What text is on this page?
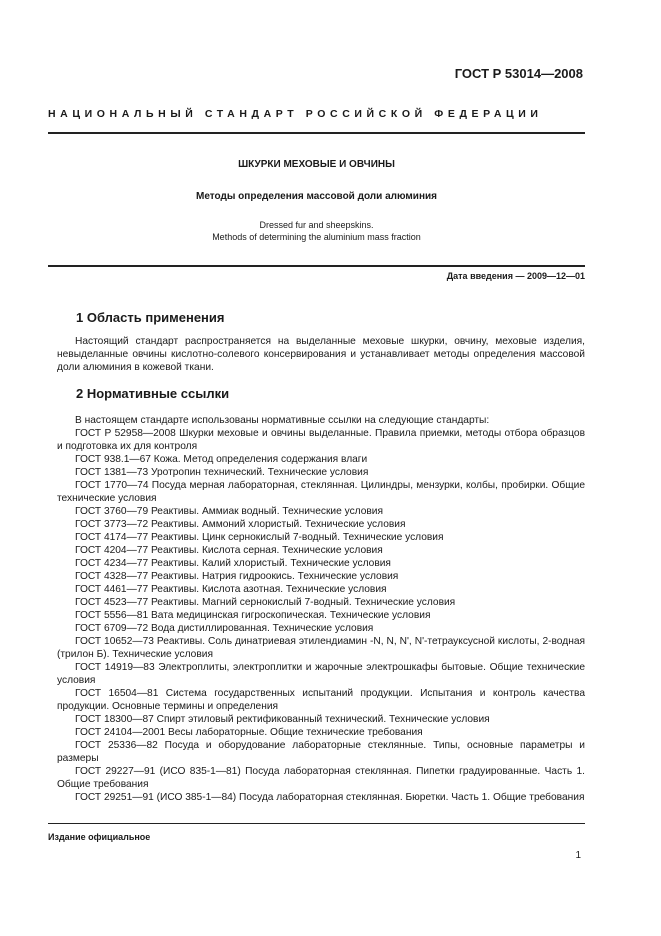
ГОСТ Р 53014—2008
НАЦИОНАЛЬНЫЙ СТАНДАРТ РОССИЙСКОЙ ФЕДЕРАЦИИ
ШКУРКИ МЕХОВЫЕ И ОВЧИНЫ
Методы определения массовой доли алюминия
Dressed fur and sheepskins.
Methods of determining the aluminium mass fraction
Дата введения — 2009—12—01
1 Область применения
Настоящий стандарт распространяется на выделанные меховые шкурки, овчину, меховые изделия, невыделанные овчины кислотно-солевого консервирования и устанавливает методы определения массовой доли алюминия в кожевой ткани.
2 Нормативные ссылки
В настоящем стандарте использованы нормативные ссылки на следующие стандарты:
ГОСТ Р 52958—2008 Шкурки меховые и овчины выделанные. Правила приемки, методы отбора образцов и подготовка их для контроля
ГОСТ 938.1—67 Кожа. Метод определения содержания влаги
ГОСТ 1381—73 Уротропин технический. Технические условия
ГОСТ 1770—74 Посуда мерная лабораторная, стеклянная. Цилиндры, мензурки, колбы, пробирки. Общие технические условия
ГОСТ 3760—79 Реактивы. Аммиак водный. Технические условия
ГОСТ 3773—72 Реактивы. Аммоний хлористый. Технические условия
ГОСТ 4174—77 Реактивы. Цинк сернокислый 7-водный. Технические условия
ГОСТ 4204—77 Реактивы. Кислота серная. Технические условия
ГОСТ 4234—77 Реактивы. Калий хлористый. Технические условия
ГОСТ 4328—77 Реактивы. Натрия гидроокись. Технические условия
ГОСТ 4461—77 Реактивы. Кислота азотная. Технические условия
ГОСТ 4523—77 Реактивы. Магний сернокислый 7-водный. Технические условия
ГОСТ 5556—81 Вата медицинская гигроскопическая. Технические условия
ГОСТ 6709—72 Вода дистиллированная. Технические условия
ГОСТ 10652—73 Реактивы. Соль динатриевая этилендиамин -N, N, N', N'-тетрауксусной кислоты, 2-водная (трилон Б). Технические условия
ГОСТ 14919—83 Электроплиты, электроплитки и жарочные электрошкафы бытовые. Общие технические условия
ГОСТ 16504—81 Система государственных испытаний продукции. Испытания и контроль качества продукции. Основные термины и определения
ГОСТ 18300—87 Спирт этиловый ректификованный технический. Технические условия
ГОСТ 24104—2001 Весы лабораторные. Общие технические требования
ГОСТ 25336—82 Посуда и оборудование лабораторные стеклянные. Типы, основные параметры и размеры
ГОСТ 29227—91 (ИСО 835-1—81) Посуда лабораторная стеклянная. Пипетки градуированные. Часть 1. Общие требования
ГОСТ 29251—91 (ИСО 385-1—84) Посуда лабораторная стеклянная. Бюретки. Часть 1. Общие требования
Издание официальное
1
